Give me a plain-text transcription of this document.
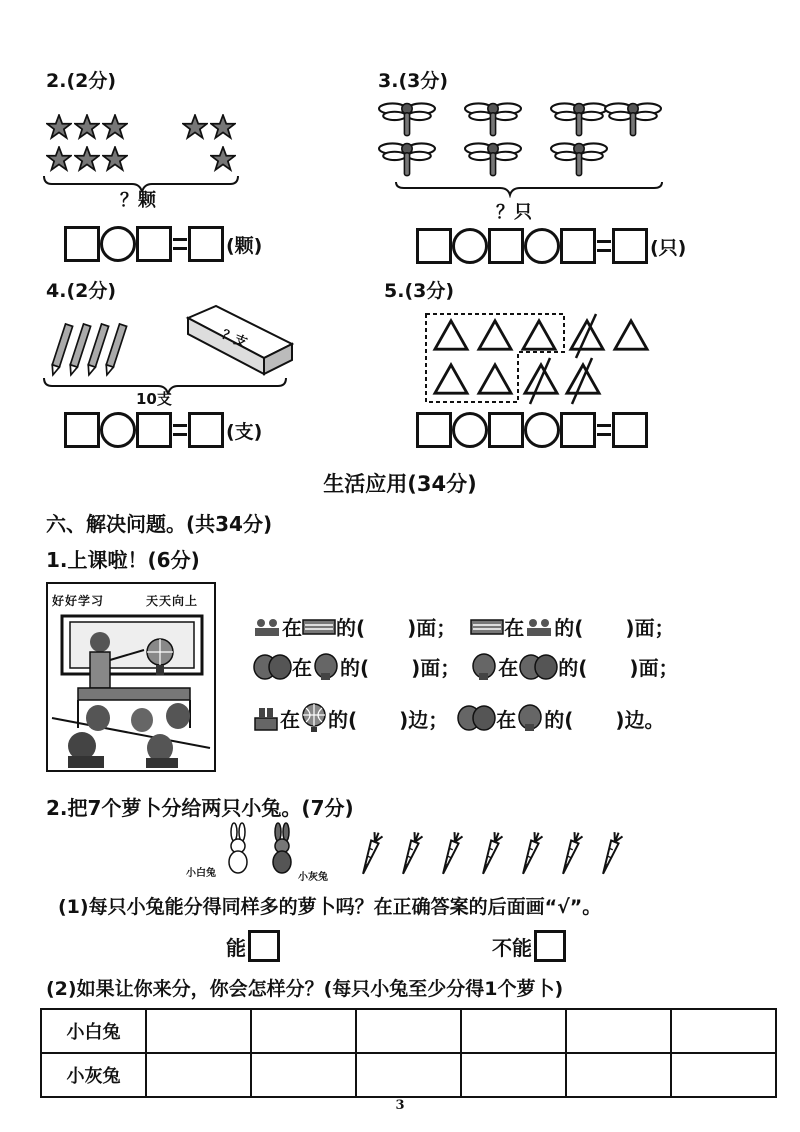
2.(2分)
？颗
(颗)
3.(3分)
？只
(只)
4.(2分)
？支
10支
(支)
5.(3分)
生活应用(34分)
六、解决问题。(共34分)
1.上课啦！(6分)
好好学习	天天向上
在 的( )面； 在 的( )面；
在 的( )面； 在 的( )面；
在 的( )边； 在 的( )边。
2.把7个萝卜分给两只小兔。(7分)
小白兔	小灰兔
(1)每只小兔能分得同样多的萝卜吗？在正确答案的后面画“√”。
能	不能
(2)如果让你来分，你会怎样分？(每只小兔至少分得1个萝卜)
小白兔						
小灰兔						
3
